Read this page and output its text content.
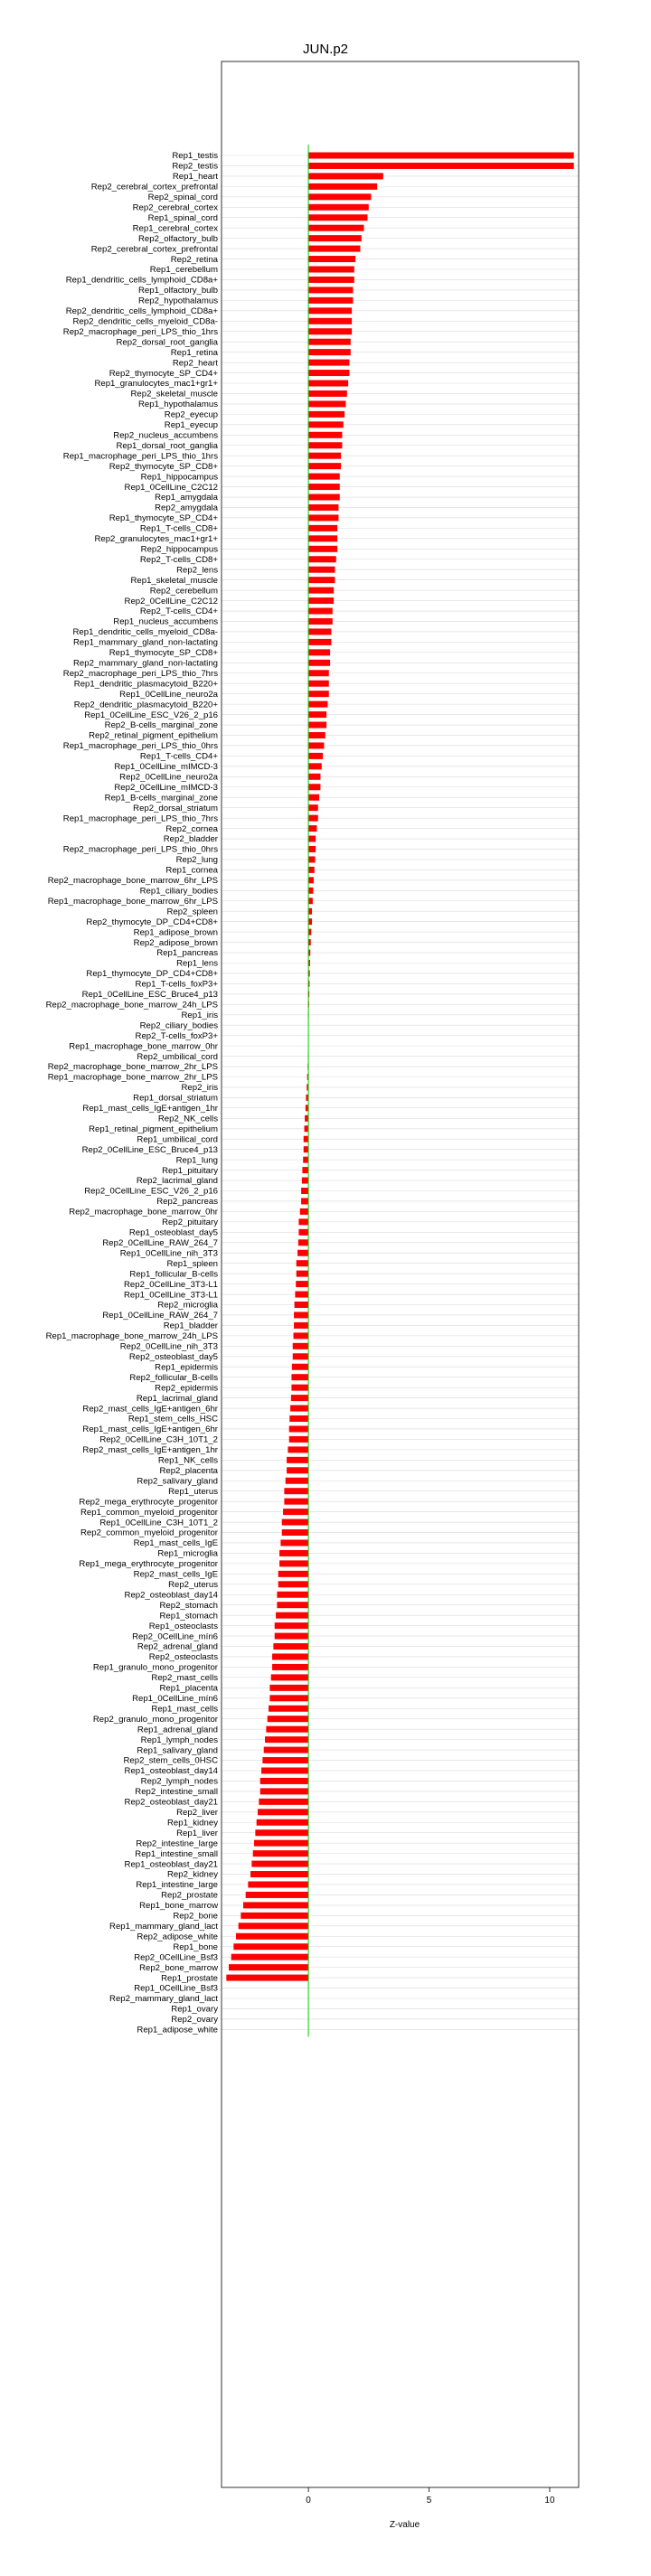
JUN.p2
Rep1_testis
Rep2_testis
Rep1_heart
Rep2_cerebral_cortex_prefrontal
Rep2_spinal_cord
Rep2_cerebral_cortex
Rep1_spinal_cord
Rep1_cerebral_cortex
Rep2_olfactory_bulb
Rep2_cerebral_cortex_prefrontal
Rep2_retina
Rep1_cerebellum
Rep1_dendritic_cells_lymphoid_CD8a+
Rep1_olfactory_bulb
Rep2_hypothalamus
Rep2_dendritic_cells_lymphoid_CD8a+
Rep2_dendritic_cells_myeloid_CD8a-
Rep2_macrophage_peri_LPS_thio_1hrs
Rep2_dorsal_root_ganglia
Rep1_retina
Rep2_heart
Rep2_thymocyte_SP_CD4+
Rep1_granulocytes_mac1+gr1+
Rep2_skeletal_muscle
Rep1_hypothalamus
Rep2_eyecup
Rep1_eyecup
Rep2_nucleus_accumbens
Rep1_dorsal_root_ganglia
Rep1_macrophage_peri_LPS_thio_1hrs
Rep2_thymocyte_SP_CD8+
Rep1_hippocampus
Rep1_0CellLine_C2C12
Rep1_amygdala
Rep2_amygdala
Rep1_thymocyte_SP_CD4+
Rep1_T-cells_CD8+
Rep2_granulocytes_mac1+gr1+
Rep2_hippocampus
Rep2_T-cells_CD8+
Rep2_lens
Rep1_skeletal_muscle
Rep2_cerebellum
Rep2_0CellLine_C2C12
Rep2_T-cells_CD4+
Rep1_nucleus_accumbens
Rep1_dendritic_cells_myeloid_CD8a-
Rep1_mammary_gland_non-lactating
Rep1_thymocyte_SP_CD8+
Rep2_mammary_gland_non-lactating
Rep2_macrophage_peri_LPS_thio_7hrs
Rep1_dendritic_plasmacytoid_B220+
Rep1_0CellLine_neuro2a
Rep2_dendritic_plasmacytoid_B220+
Rep1_0CellLine_ESC_V26_2_p16
Rep2_B-cells_marginal_zone
Rep2_retinal_pigment_epithelium
Rep1_macrophage_peri_LPS_thio_0hrs
Rep1_T-cells_CD4+
Rep1_0CellLine_mIMCD-3
Rep2_0CellLine_neuro2a
Rep2_0CellLine_mIMCD-3
Rep1_B-cells_marginal_zone
Rep2_dorsal_striatum
Rep1_macrophage_peri_LPS_thio_7hrs
Rep2_cornea
Rep2_bladder
Rep2_macrophage_peri_LPS_thio_0hrs
Rep2_lung
Rep1_cornea
Rep2_macrophage_bone_marrow_6hr_LPS
Rep1_ciliary_bodies
Rep1_macrophage_bone_marrow_6hr_LPS
Rep2_spleen
Rep2_thymocyte_DP_CD4+CD8+
Rep1_adipose_brown
Rep2_adipose_brown
Rep1_pancreas
Rep1_lens
Rep1_thymocyte_DP_CD4+CD8+
Rep1_T-cells_foxP3+
Rep1_0CellLine_ESC_Bruce4_p13
Rep2_macrophage_bone_marrow_24h_LPS
Rep1_iris
Rep2_ciliary_bodies
Rep2_T-cells_foxP3+
Rep1_macrophage_bone_marrow_0hr
Rep2_umbilical_cord
Rep2_macrophage_bone_marrow_2hr_LPS
Rep1_macrophage_bone_marrow_2hr_LPS
Rep2_iris
Rep1_dorsal_striatum
Rep1_mast_cells_IgE+antigen_1hr
Rep2_NK_cells
Rep1_retinal_pigment_epithelium
Rep1_umbilical_cord
Rep2_0CellLine_ESC_Bruce4_p13
Rep1_lung
Rep1_pituitary
Rep2_lacrimal_gland
Rep2_0CellLine_ESC_V26_2_p16
Rep2_pancreas
Rep2_macrophage_bone_marrow_0hr
Rep2_pituitary
Rep1_osteoblast_day5
Rep2_0CellLine_RAW_264_7
Rep1_0CellLine_nih_3T3
Rep1_spleen
Rep1_follicular_B-cells
Rep2_0CellLine_3T3-L1
Rep1_0CellLine_3T3-L1
Rep2_microglia
Rep1_0CellLine_RAW_264_7
Rep1_bladder
Rep1_macrophage_bone_marrow_24h_LPS
Rep2_0CellLine_nih_3T3
Rep2_osteoblast_day5
Rep1_epidermis
Rep2_follicular_B-cells
Rep2_epidermis
Rep1_lacrimal_gland
Rep2_mast_cells_IgE+antigen_6hr
Rep1_stem_cells_HSC
Rep1_mast_cells_IgE+antigen_6hr
Rep2_0CellLine_C3H_10T1_2
Rep2_mast_cells_IgE+antigen_1hr
Rep1_NK_cells
Rep2_placenta
Rep2_salivary_gland
Rep1_uterus
Rep2_mega_erythrocyte_progenitor
Rep1_common_myeloid_progenitor
Rep1_0CellLine_C3H_10T1_2
Rep2_common_myeloid_progenitor
Rep1_mast_cells_IgE
Rep1_microglia
Rep1_mega_erythrocyte_progenitor
Rep2_mast_cells_IgE
Rep2_uterus
Rep2_osteoblast_day14
Rep2_stomach
Rep1_stomach
Rep1_osteoclasts
Rep2_0CellLine_mín6
Rep2_adrenal_gland
Rep2_osteoclasts
Rep1_granulo_mono_progenitor
Rep2_mast_cells
Rep1_placenta
Rep1_0CellLine_mín6
Rep1_mast_cells
Rep2_granulo_mono_progenitor
Rep1_adrenal_gland
Rep1_lymph_nodes
Rep1_salivary_gland
Rep2_stem_cells_0HSC
Rep1_osteoblast_day14
Rep2_lymph_nodes
Rep2_intestine_small
Rep2_osteoblast_day21
Rep2_liver
Rep1_kidney
Rep1_liver
Rep2_intestine_large
Rep1_intestine_small
Rep1_osteoblast_day21
Rep2_kidney
Rep1_intestine_large
Rep2_prostate
Rep1_bone_marrow
Rep2_bone
Rep1_mammary_gland_lact
Rep2_adipose_white
Rep1_bone
Rep2_0CellLine_Bsf3
Rep2_bone_marrow
Rep1_prostate
Rep1_0CellLine_Bsf3
Rep2_mammary_gland_lact
Rep1_ovary
Rep2_ovary
Rep1_adipose_white
0	5	10
Z-value
